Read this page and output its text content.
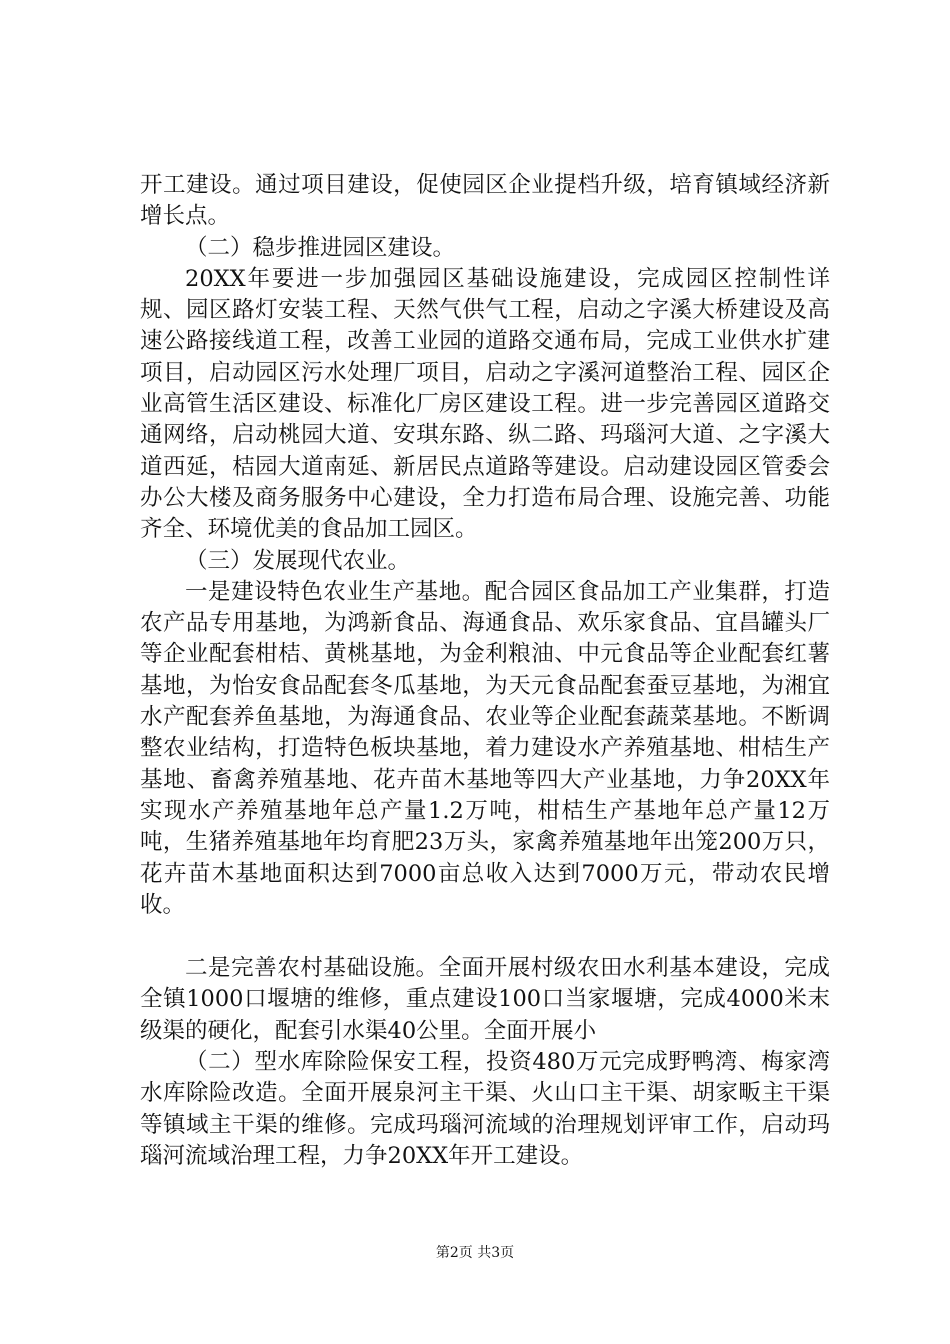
开工建设。通过项目建设，促使园区企业提档升级，培育镇域经济新增长点。

（二）稳步推进园区建设。

20XX年要进一步加强园区基础设施建设，完成园区控制性详规、园区路灯安装工程、天然气供气工程，启动之字溪大桥建设及高速公路接线道工程，改善工业园的道路交通布局，完成工业供水扩建项目，启动园区污水处理厂项目，启动之字溪河道整治工程、园区企业高管生活区建设、标准化厂房区建设工程。进一步完善园区道路交通网络，启动桃园大道、安琪东路、纵二路、玛瑙河大道、之字溪大道西延，桔园大道南延、新居民点道路等建设。启动建设园区管委会办公大楼及商务服务中心建设，全力打造布局合理、设施完善、功能齐全、环境优美的食品加工园区。

（三）发展现代农业。

一是建设特色农业生产基地。配合园区食品加工产业集群，打造农产品专用基地，为鸿新食品、海通食品、欢乐家食品、宜昌罐头厂等企业配套柑桔、黄桃基地，为金利粮油、中元食品等企业配套红薯基地，为怡安食品配套冬瓜基地，为天元食品配套蚕豆基地，为湘宜水产配套养鱼基地，为海通食品、农业等企业配套蔬菜基地。不断调整农业结构，打造特色板块基地，着力建设水产养殖基地、柑桔生产基地、畜禽养殖基地、花卉苗木基地等四大产业基地，力争20XX年实现水产养殖基地年总产量1.2万吨，柑桔生产基地年总产量12万吨，生猪养殖基地年均育肥23万头，家禽养殖基地年出笼200万只，花卉苗木基地面积达到7000亩总收入达到7000万元，带动农民增收。

二是完善农村基础设施。全面开展村级农田水利基本建设，完成全镇1000口堰塘的维修，重点建设100口当家堰塘，完成4000米末级渠的硬化，配套引水渠40公里。全面开展小

（二）型水库除险保安工程，投资480万元完成野鸭湾、梅家湾水库除险改造。全面开展泉河主干渠、火山口主干渠、胡家畈主干渠等镇域主干渠的维修。完成玛瑙河流域的治理规划评审工作，启动玛瑙河流域治理工程，力争20XX年开工建设。

第2页 共3页
